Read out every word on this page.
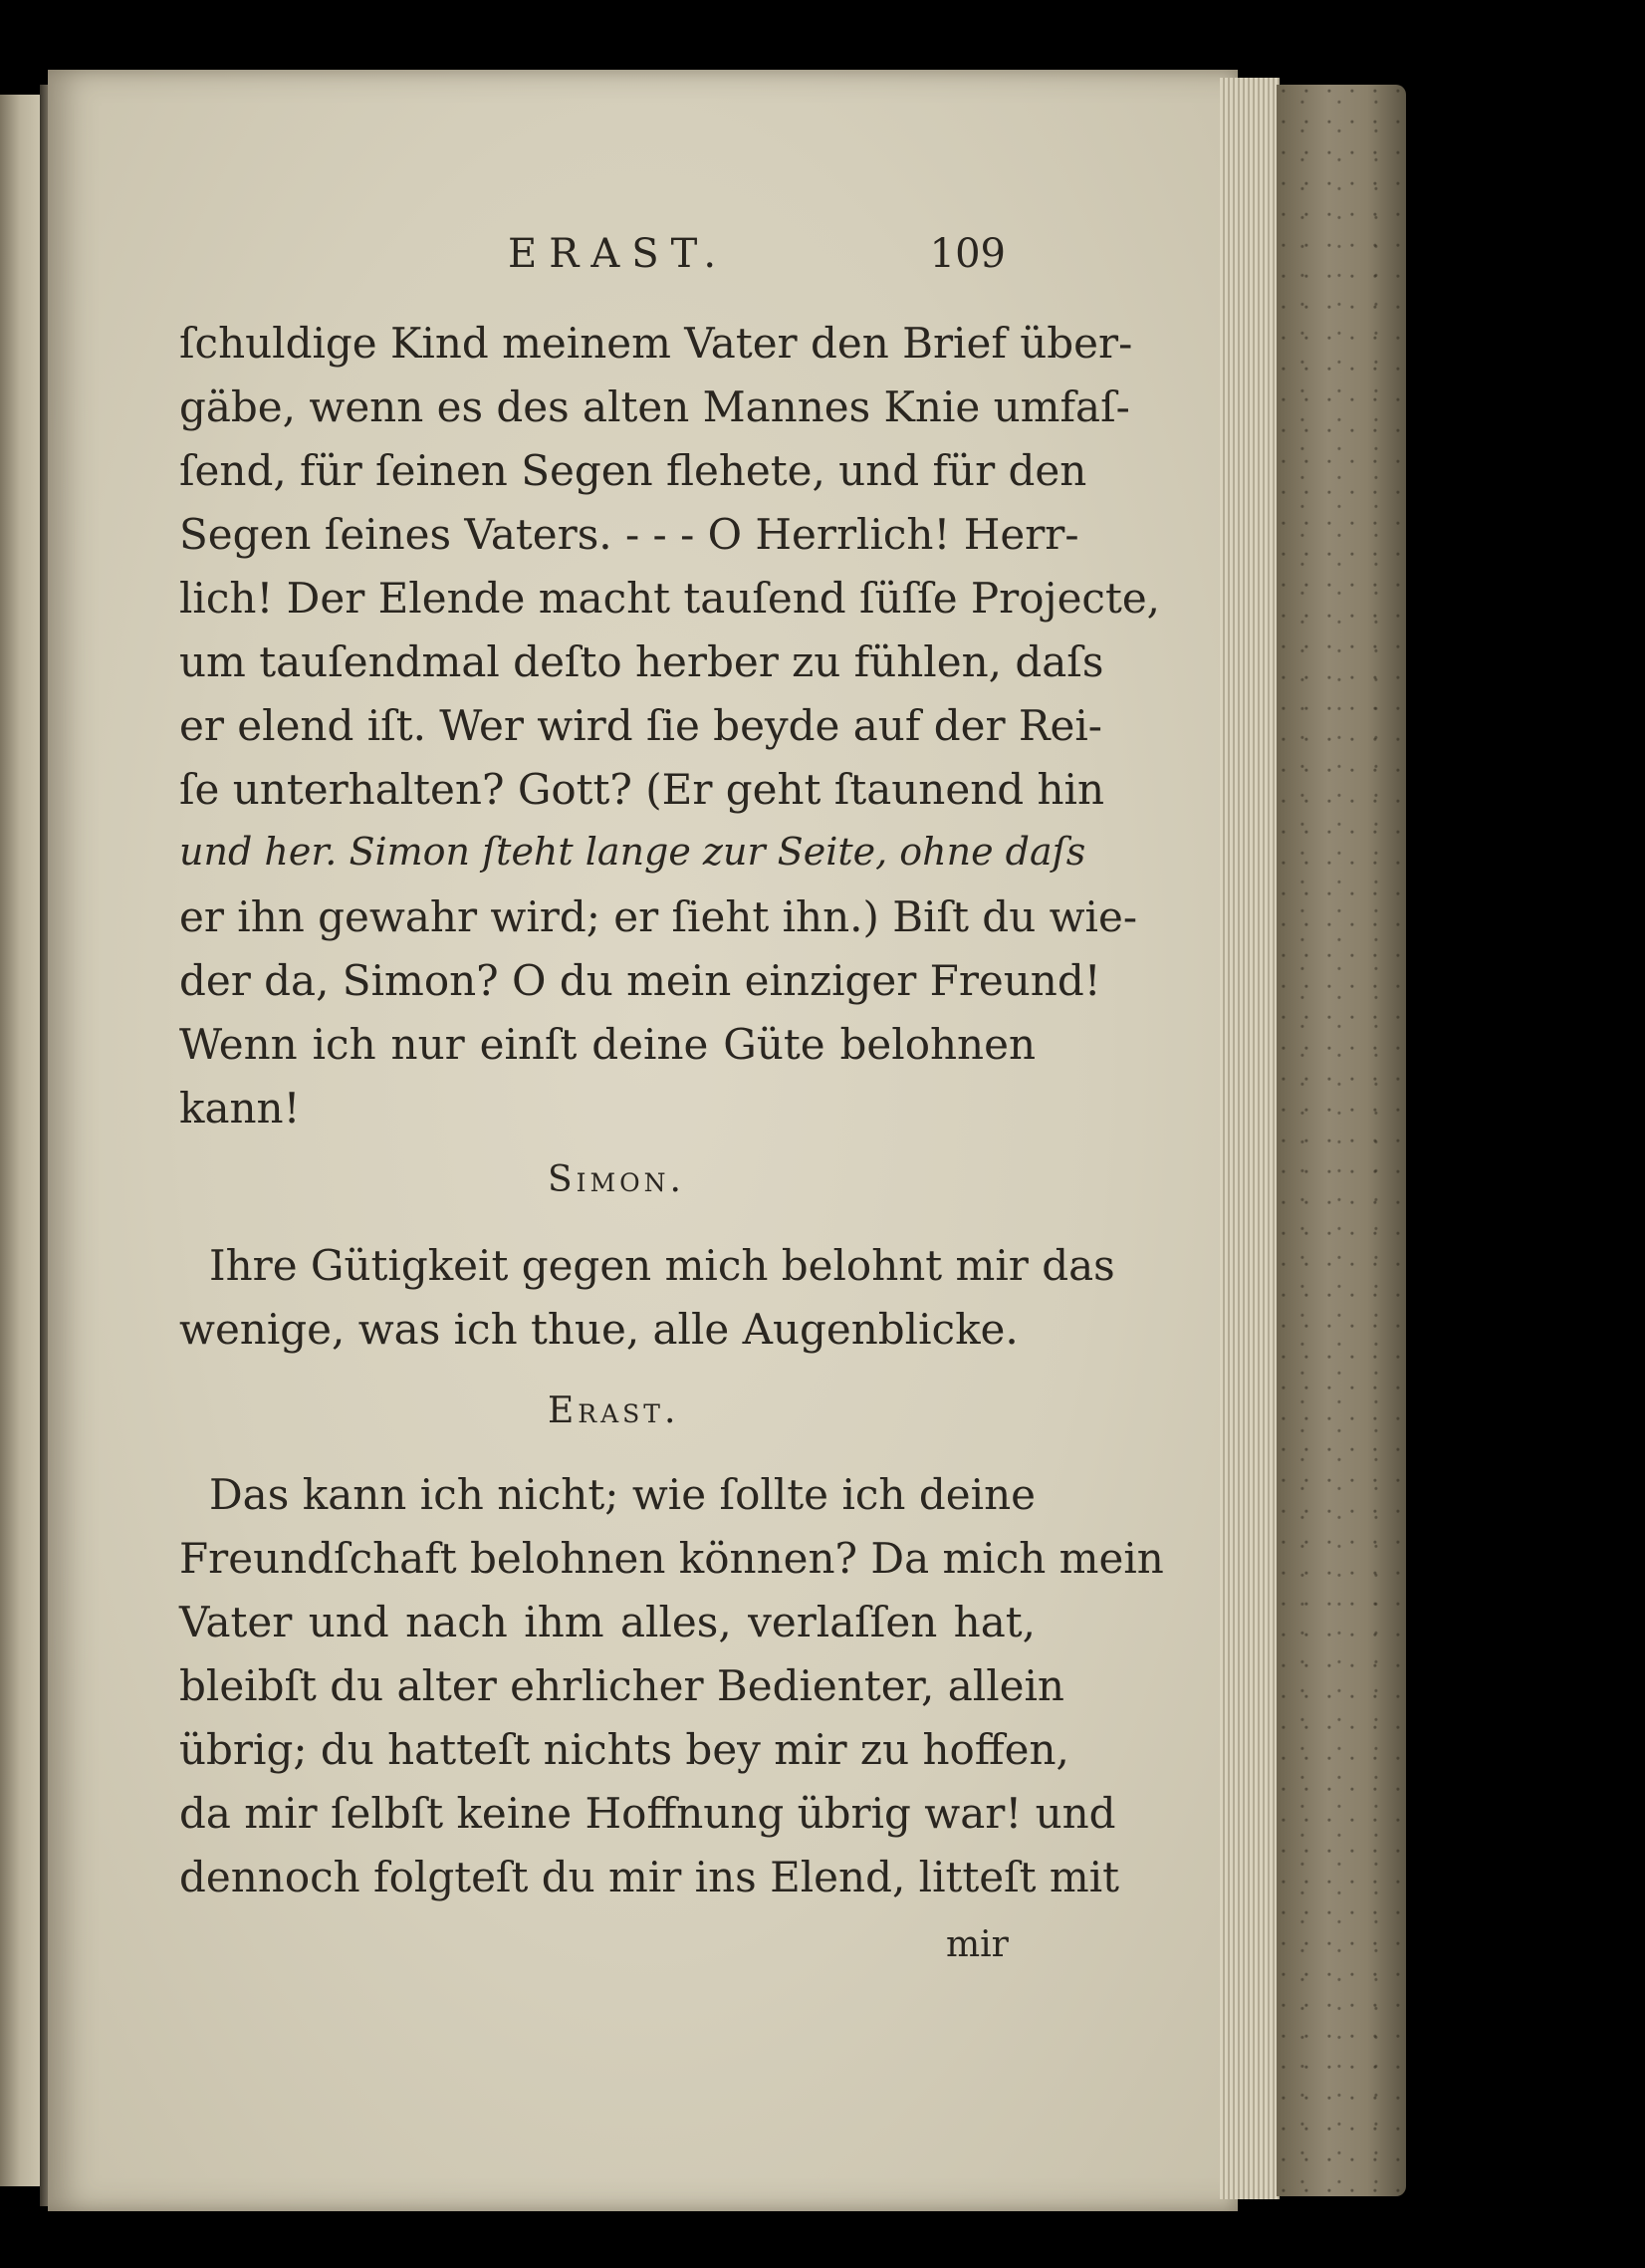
ERAST.	109
ſchuldige Kind meinem Vater den Brief über-
gäbe, wenn es des alten Mannes Knie umfaſ-
ſend, für ſeinen Segen flehete, und für den
Segen ſeines Vaters. - - - O Herrlich! Herr-
lich! Der Elende macht tauſend ſüſſe Projecte,
um tauſendmal deſto herber zu fühlen, daſs
er elend iſt. Wer wird ſie beyde auf der Rei-
ſe unterhalten? Gott? (Er geht ſtaunend hin
und her. Simon ſteht lange zur Seite, ohne daſs
er ihn gewahr wird; er ſieht ihn.) Biſt du wie-
der da, Simon? O du mein einziger Freund!
Wenn ich nur einſt deine Güte belohnen
kann!
Simon.
Ihre Gütigkeit gegen mich belohnt mir das
wenige, was ich thue, alle Augenblicke.
Erast.
Das kann ich nicht; wie ſollte ich deine
Freundſchaft belohnen können? Da mich mein
Vater und nach ihm alles, verlaſſen hat,
bleibſt du alter ehrlicher Bedienter, allein
übrig; du hatteſt nichts bey mir zu hoffen,
da mir ſelbſt keine Hoffnung übrig war! und
dennoch folgteſt du mir ins Elend, litteſt mit
mir
